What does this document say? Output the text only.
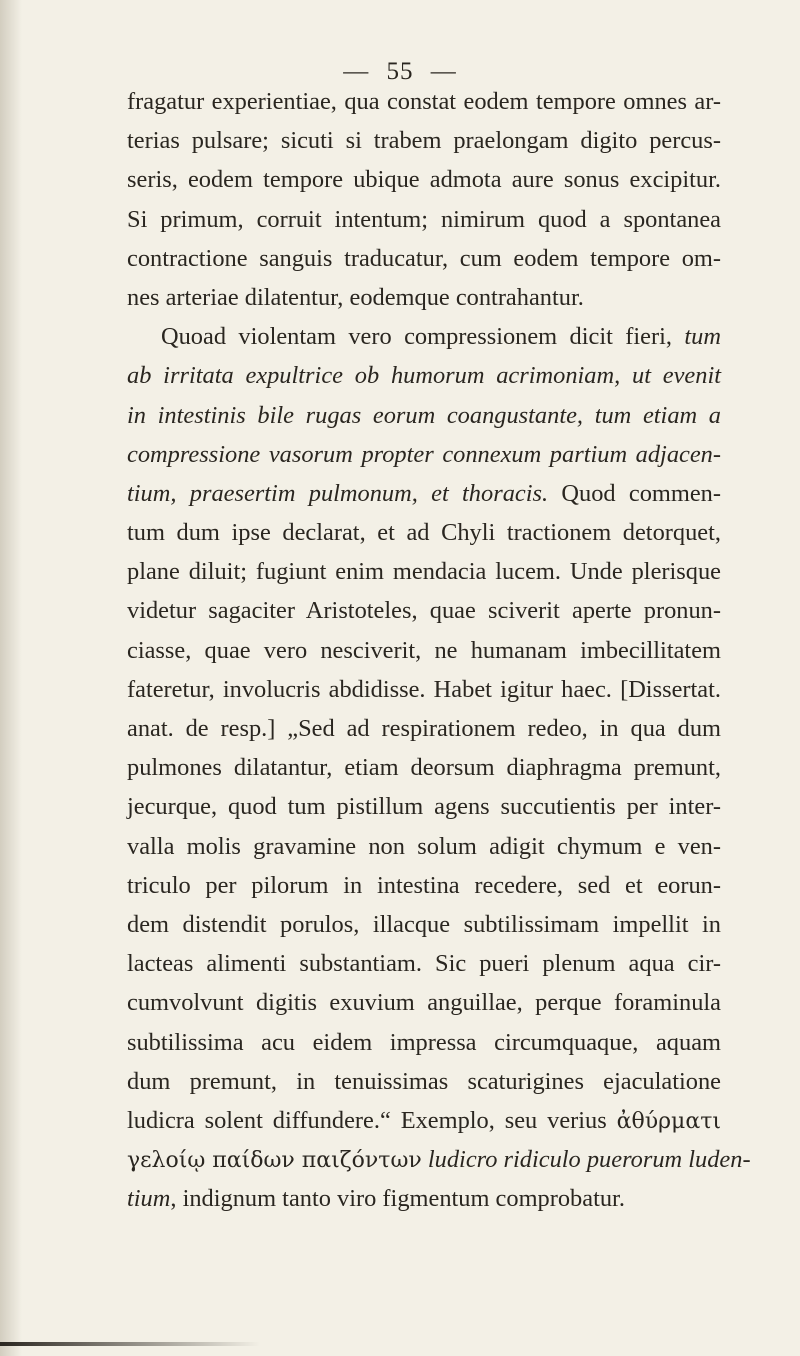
— 55 —
fragatur experientiae, qua constat eodem tempore omnes ar-
terias pulsare; sicuti si trabem praelongam digito percus-
seris, eodem tempore ubique admota aure sonus excipitur.
Si primum, corruit intentum; nimirum quod a spontanea
contractione sanguis traducatur, cum eodem tempore om-
nes arteriae dilatentur, eodemque contrahantur.
Quoad violentam vero compressionem dicit fieri, tum
ab irritata expultrice ob humorum acrimoniam, ut evenit
in intestinis bile rugas eorum coangustante, tum etiam a
compressione vasorum propter connexum partium adjacen-
tium, praesertim pulmonum, et thoracis. Quod commen-
tum dum ipse declarat, et ad Chyli tractionem detorquet,
plane diluit; fugiunt enim mendacia lucem. Unde plerisque
videtur sagaciter Aristoteles, quae sciverit aperte pronun-
ciasse, quae vero nesciverit, ne humanam imbecillitatem
fateretur, involucris abdidisse. Habet igitur haec. [Dissertat.
anat. de resp.] „Sed ad respirationem redeo, in qua dum
pulmones dilatantur, etiam deorsum diaphragma premunt,
jecurque, quod tum pistillum agens succutientis per inter-
valla molis gravamine non solum adigit chymum e ven-
triculo per pilorum in intestina recedere, sed et eorun-
dem distendit porulos, illacque subtilissimam impellit in
lacteas alimenti substantiam. Sic pueri plenum aqua cir-
cumvolvunt digitis exuvium anguillae, perque foraminula
subtilissima acu eidem impressa circumquaque, aquam
dum premunt, in tenuissimas scaturigines ejaculatione
ludicra solent diffundere.“ Exemplo, seu verius ἀθύρματι
γελοίῳ παίδων παιζόντων ludicro ridiculo puerorum luden-
tium, indignum tanto viro figmentum comprobatur.
